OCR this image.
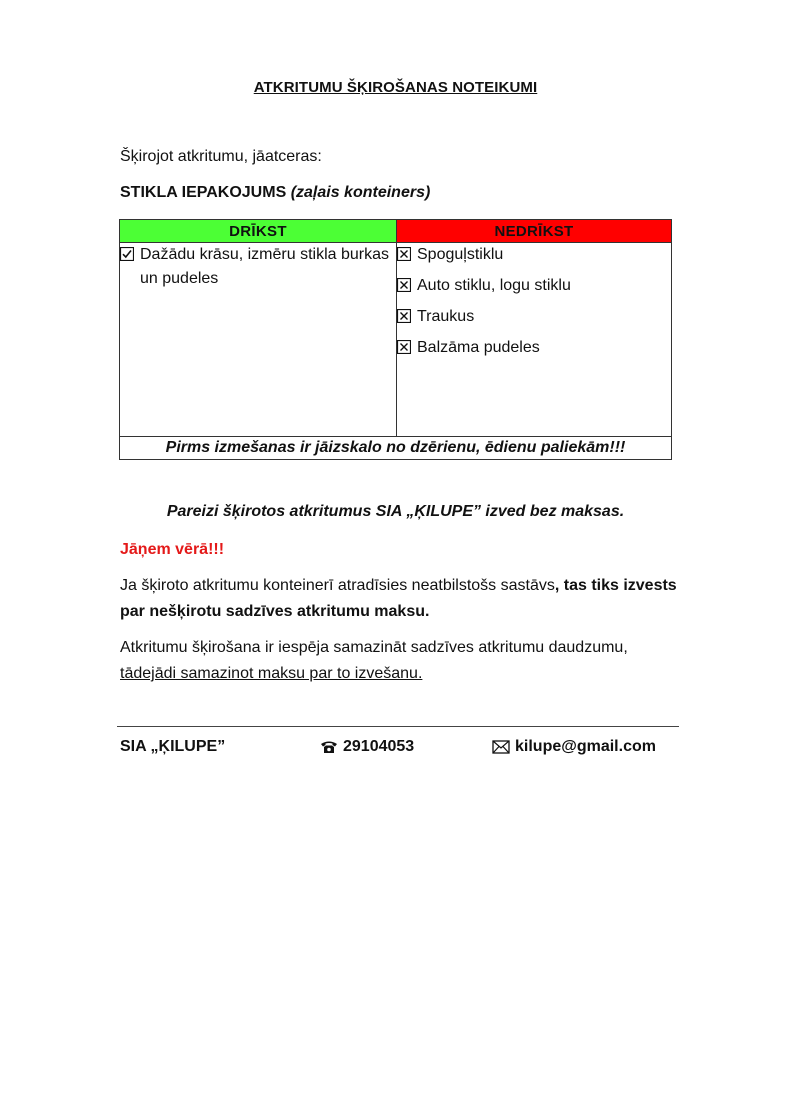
ATKRITUMU ŠĶIROŠANAS NOTEIKUMI
Šķirojot atkritumu, jāatceras:
STIKLA IEPAKOJUMS (zaļais konteiners)
DRĪKST	NEDRĪKST

Dažādu krāsu, izmēru stikla burkas un pudeles	Spoguļstiklu
Auto stiklu, logu stiklu
Traukus
Balzāma pudeles

Pirms izmešanas ir jāizskalo no dzērienu, ēdienu paliekām!!!	
Pareizi šķirotos atkritumus SIA „ĶILUPE” izved bez maksas.
Jāņem vērā!!!
Ja šķiroto atkritumu konteinerī atradīsies neatbilstošs sastāvs, tas tiks izvests par nešķirotu sadzīves atkritumu maksu.
Atkritumu šķirošana ir iespēja samazināt sadzīves atkritumu daudzumu, tādejādi samazinot maksu par to izvešanu.
SIA „ĶILUPE”	29104053	kilupe@gmail.com
